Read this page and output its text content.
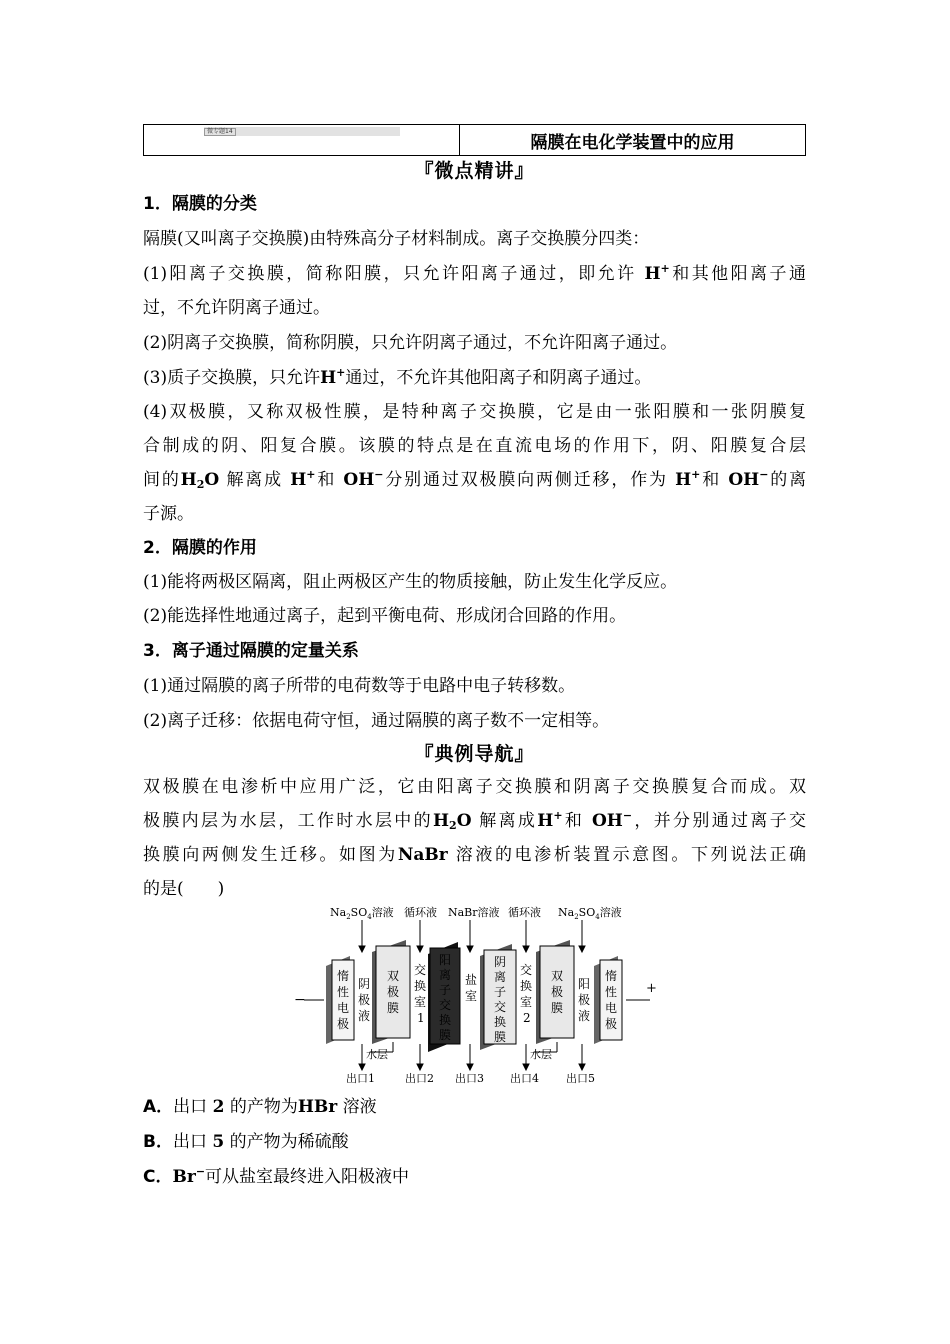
微专题14
隔膜在电化学装置中的应用
『微点精讲』
1．隔膜的分类
隔膜(又叫离子交换膜)由特殊高分子材料制成。离子交换膜分四类：
(1)阳离子交换膜，简称阳膜，只允许阳离子通过，即允许 H+和其他阳离子通
过，不允许阴离子通过。
(2)阴离子交换膜，简称阴膜，只允许阴离子通过，不允许阳离子通过。
(3)质子交换膜，只允许H+通过，不允许其他阳离子和阴离子通过。
(4)双极膜，又称双极性膜，是特种离子交换膜，它是由一张阳膜和一张阴膜复
合制成的阴、阳复合膜。该膜的特点是在直流电场的作用下，阴、阳膜复合层
间的$H_2O$ 解离成 H+和 OH−分别通过双极膜向两侧迁移，作为 H+和 OH−的离
子源。
2．隔膜的作用
(1)能将两极区隔离，阻止两极区产生的物质接触，防止发生化学反应。
(2)能选择性地通过离子，起到平衡电荷、形成闭合回路的作用。
3．离子通过隔膜的定量关系
(1)通过隔膜的离子所带的电荷数等于电路中电子转移数。
(2)离子迁移：依据电荷守恒，通过隔膜的离子数不一定相等。
『典例导航』
双极膜在电渗析中应用广泛，它由阳离子交换膜和阴离子交换膜复合而成。双
极膜内层为水层，工作时水层中的$H_2O$ 解离成H+和 OH−，并分别通过离子交
换膜向两侧发生迁移。如图为NaBr 溶液的电渗析装置示意图。下列说法正确
的是(　　)
$Na_2SO_4$溶液 循环液 NaBr溶液 循环液 $Na_2SO_4$溶液
−
+
惰
性
电
极
阴
极
液
双
极
膜
交
换
室
1
阳
离
子
交
换
膜
盐
室
阴
离
子
交
换
膜
交
换
室
2
双
极
膜
阳
极
液
惰
性
电
极
水层	水层
出口1	出口2 出口3 出口4 出口5
A．出口 2 的产物为HBr 溶液
B．出口 5 的产物为稀硫酸
C．Br−可从盐室最终进入阳极液中
